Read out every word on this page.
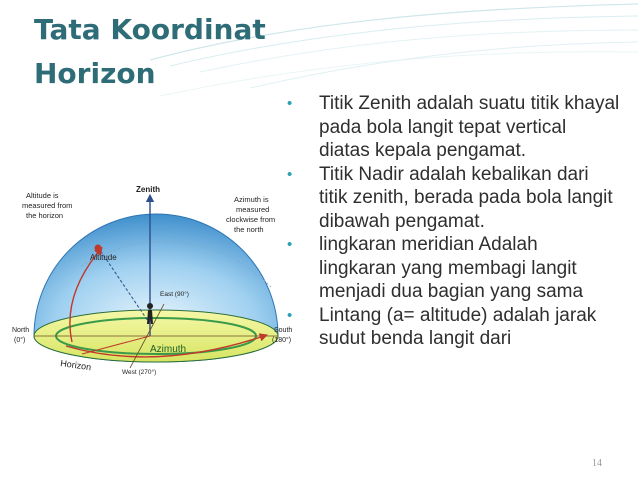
Tata Koordinat
Horizon
• Titik Zenith adalah suatu titik khayal pada bola langit tepat vertical diatas kepala pengamat.
• Titik Nadir adalah kebalikan dari titik zenith, berada pada bola langit dibawah pengamat.
• lingkaran meridian Adalah lingkaran yang membagi langit menjadi dua bagian yang sama
• Lintang (a= altitude) adalah jarak sudut benda langit dari
Zenith
Altitude is
measured from
the horizon
Azimuth is
measured
clockwise from
the north
Altitude
East (90°)
North
(0°)
South
(180°)
Horizon
Azimuth
West (270°)
14
